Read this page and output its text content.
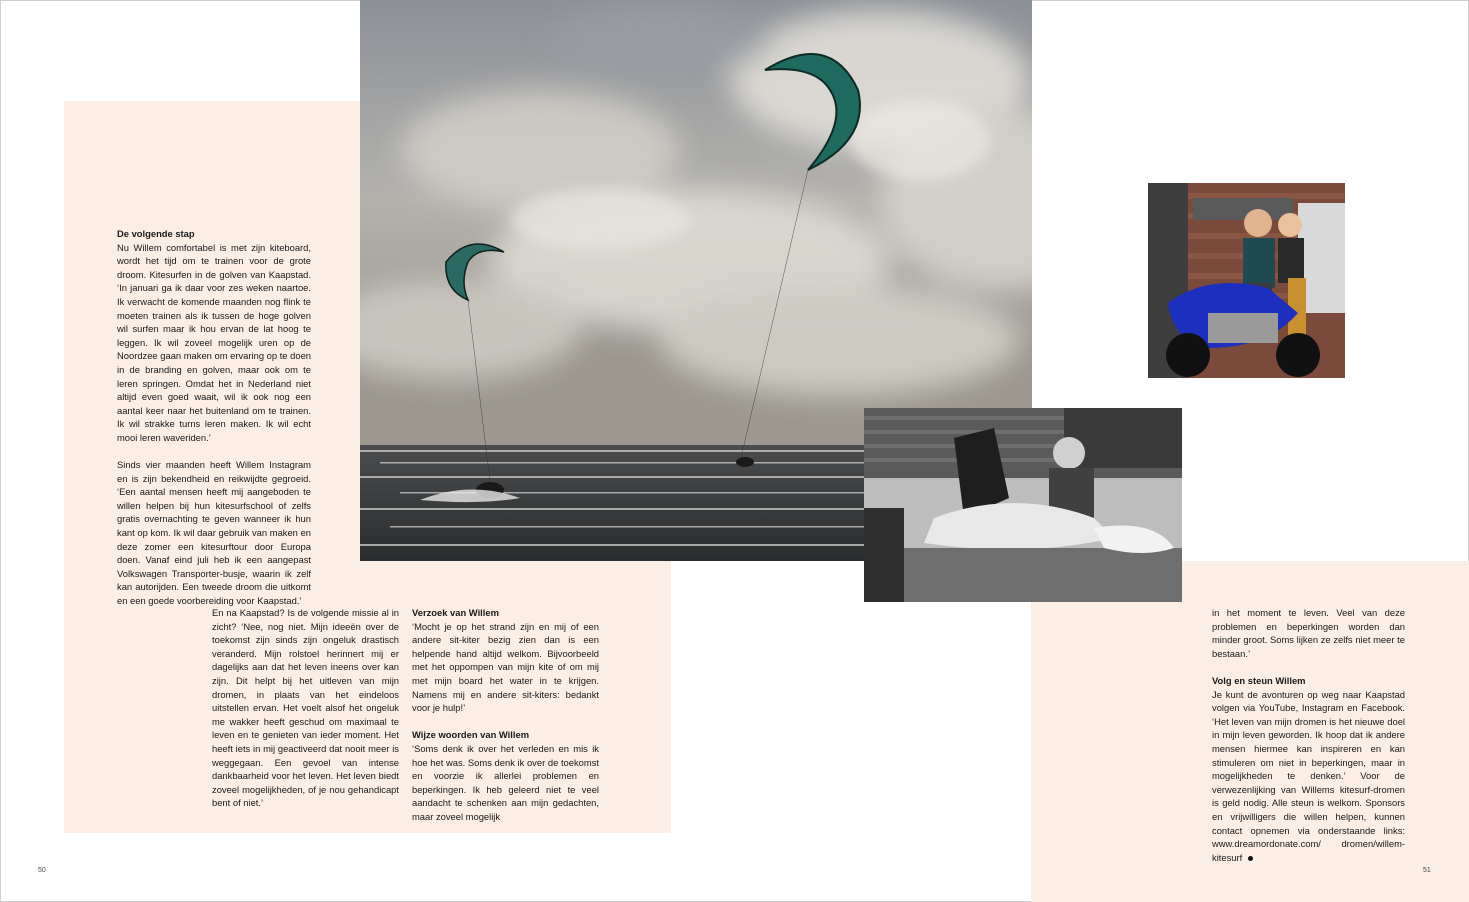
De volgende stap

Nu Willem comfortabel is met zijn kiteboard, wordt het tijd om te trainen voor de grote droom. Kitesurfen in de golven van Kaapstad. ‘In januari ga ik daar voor zes weken naartoe. Ik verwacht de komende maanden nog flink te moeten trainen als ik tussen de hoge golven wil surfen maar ik hou ervan de lat hoog te leggen. Ik wil zoveel mogelijk uren op de Noordzee gaan maken om ervaring op te doen in de branding en golven, maar ook om te leren springen. Omdat het in Nederland niet altijd even goed waait, wil ik ook nog een aantal keer naar het buitenland om te trainen. Ik wil strakke turns leren maken. Ik wil echt mooi leren waveriden.’

Sinds vier maanden heeft Willem Instagram en is zijn bekendheid en reikwijdte gegroeid. ‘Een aantal mensen heeft mij aangeboden te willen helpen bij hun kitesurfschool of zelfs gratis overnachting te geven wanneer ik hun kant op kom. Ik wil daar gebruik van maken en deze zomer een kitesurftour door Europa doen. Vanaf eind juli heb ik een aangepast Volkswagen Transporter-busje, waarin ik zelf kan autorijden. Een tweede droom die uitkomt en een goede voorbereiding voor Kaapstad.’

En na Kaapstad? Is de volgende missie al in zicht? ‘Nee, nog niet. Mijn ideeën over de toekomst zijn sinds zijn ongeluk drastisch veranderd. Mijn rolstoel herinnert mij er dagelijks aan dat het leven ineens over kan zijn. Dit helpt bij het uitleven van mijn dromen, in plaats van het eindeloos uitstellen ervan. Het voelt alsof het ongeluk me wakker heeft geschud om maximaal te leven en te genieten van ieder moment. Het heeft iets in mij geactiveerd dat nooit meer is weggegaan. Een gevoel van intense dankbaarheid voor het leven. Het leven biedt zoveel mogelijkheden, of je nou gehandicapt bent of niet.’

Verzoek van Willem

‘Mocht je op het strand zijn en mij of een andere sit-kiter bezig zien dan is een helpende hand altijd welkom. Bijvoorbeeld met het oppompen van mijn kite of om mij met mijn board het water in te krijgen. Namens mij en andere sit-kiters: bedankt voor je hulp!’

Wijze woorden van Willem

‘Soms denk ik over het verleden en mis ik hoe het was. Soms denk ik over de toekomst en voorzie ik allerlei problemen en beperkingen. Ik heb geleerd niet te veel aandacht te schenken aan mijn gedachten, maar zoveel mogelijk

in het moment te leven. Veel van deze problemen en beperkingen worden dan minder groot. Soms lijken ze zelfs niet meer te bestaan.’

Volg en steun Willem

Je kunt de avonturen op weg naar Kaapstad volgen via YouTube, Instagram en Facebook. ‘Het leven van mijn dromen is het nieuwe doel in mijn leven geworden. Ik hoop dat ik andere mensen hiermee kan inspireren en kan stimuleren om niet in beperkingen, maar in mogelijkheden te denken.’ Voor de verwezenlijking van Willems kitesurf-dromen is geld nodig. Alle steun is welkom. Sponsors en vrijwilligers die willen helpen, kunnen contact opnemen via onderstaande links: www.dreamordonate.com/ dromen/willem-kitesurf

50	51
